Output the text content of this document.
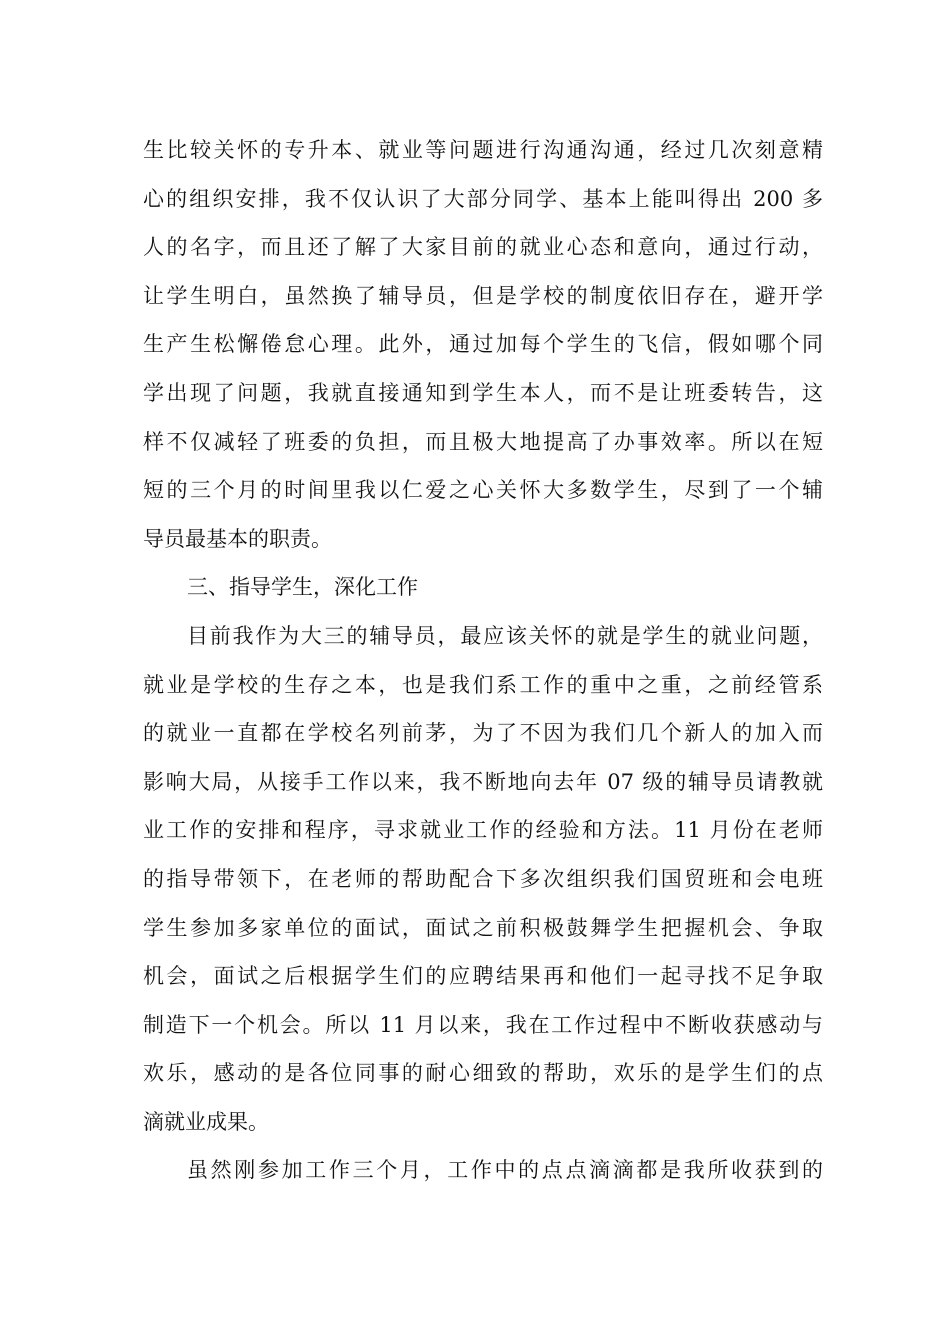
生比较关怀的专升本、就业等问题进行沟通沟通，经过几次刻意精
心的组织安排，我不仅认识了大部分同学、基本上能叫得出 200 多
人的名字，而且还了解了大家目前的就业心态和意向，通过行动，
让学生明白，虽然换了辅导员，但是学校的制度依旧存在，避开学
生产生松懈倦怠心理。此外，通过加每个学生的飞信，假如哪个同
学出现了问题，我就直接通知到学生本人，而不是让班委转告，这
样不仅减轻了班委的负担，而且极大地提高了办事效率。所以在短
短的三个月的时间里我以仁爱之心关怀大多数学生，尽到了一个辅
导员最基本的职责。
三、指导学生，深化工作
目前我作为大三的辅导员，最应该关怀的就是学生的就业问题，
就业是学校的生存之本，也是我们系工作的重中之重，之前经管系
的就业一直都在学校名列前茅，为了不因为我们几个新人的加入而
影响大局，从接手工作以来，我不断地向去年 07 级的辅导员请教就
业工作的安排和程序，寻求就业工作的经验和方法。11 月份在老师
的指导带领下，在老师的帮助配合下多次组织我们国贸班和会电班
学生参加多家单位的面试，面试之前积极鼓舞学生把握机会、争取
机会，面试之后根据学生们的应聘结果再和他们一起寻找不足争取
制造下一个机会。所以 11 月以来，我在工作过程中不断收获感动与
欢乐，感动的是各位同事的耐心细致的帮助，欢乐的是学生们的点
滴就业成果。
虽然刚参加工作三个月，工作中的点点滴滴都是我所收获到的
